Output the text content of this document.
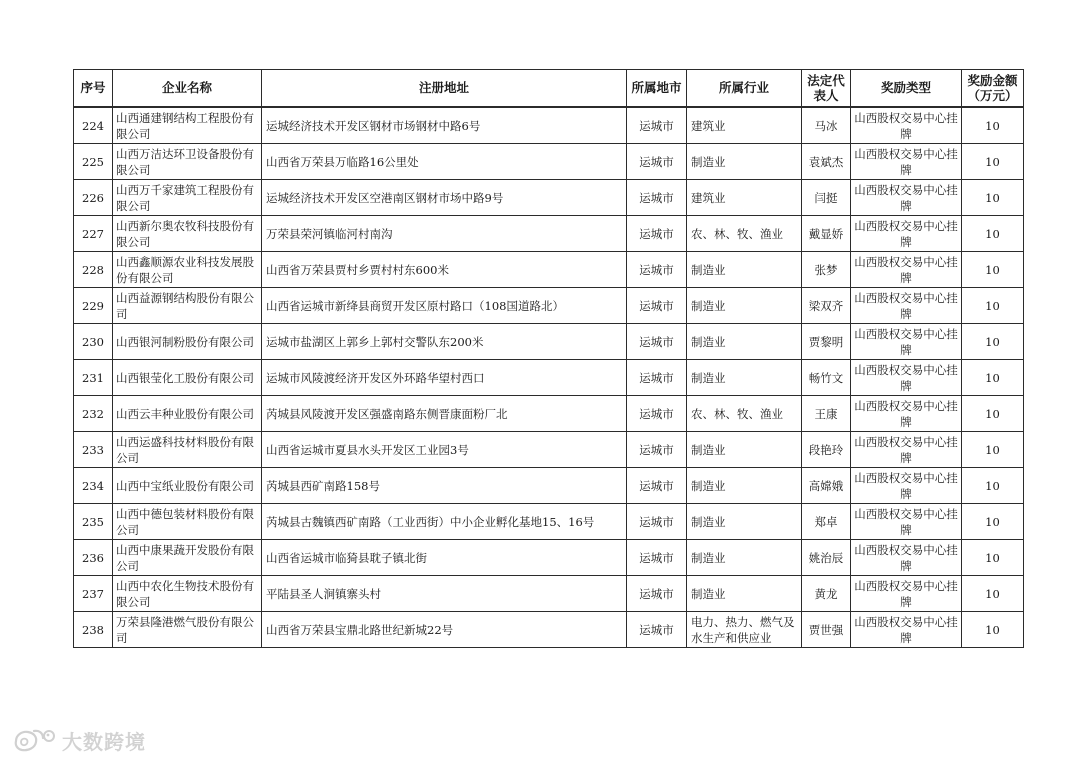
序号	企业名称	注册地址	所属地市	所属行业	法定代表人	奖励类型	奖励金额（万元）
224	山西通建钢结构工程股份有限公司	运城经济技术开发区钢材市场钢材中路6号	运城市	建筑业	马冰	山西股权交易中心挂牌	10
225	山西万洁达环卫设备股份有限公司	山西省万荣县万临路16公里处	运城市	制造业	袁斌杰	山西股权交易中心挂牌	10
226	山西万千家建筑工程股份有限公司	运城经济技术开发区空港南区钢材市场中路9号	运城市	建筑业	闫挺	山西股权交易中心挂牌	10
227	山西新尔奥农牧科技股份有限公司	万荣县荣河镇临河村南沟	运城市	农、林、牧、渔业	戴显娇	山西股权交易中心挂牌	10
228	山西鑫顺源农业科技发展股份有限公司	山西省万荣县贾村乡贾村村东600米	运城市	制造业	张梦	山西股权交易中心挂牌	10
229	山西益源钢结构股份有限公司	山西省运城市新绛县商贸开发区原村路口（108国道路北）	运城市	制造业	梁双齐	山西股权交易中心挂牌	10
230	山西银河制粉股份有限公司	运城市盐湖区上郭乡上郭村交警队东200米	运城市	制造业	贾黎明	山西股权交易中心挂牌	10
231	山西银莹化工股份有限公司	运城市风陵渡经济开发区外环路华望村西口	运城市	制造业	畅竹文	山西股权交易中心挂牌	10
232	山西云丰种业股份有限公司	芮城县风陵渡开发区强盛南路东侧晋康面粉厂北	运城市	农、林、牧、渔业	王康	山西股权交易中心挂牌	10
233	山西运盛科技材料股份有限公司	山西省运城市夏县水头开发区工业园3号	运城市	制造业	段艳玲	山西股权交易中心挂牌	10
234	山西中宝纸业股份有限公司	芮城县西矿南路158号	运城市	制造业	高嫦娥	山西股权交易中心挂牌	10
235	山西中德包装材料股份有限公司	芮城县古魏镇西矿南路（工业西街）中小企业孵化基地15、16号	运城市	制造业	郑卓	山西股权交易中心挂牌	10
236	山西中康果蔬开发股份有限公司	山西省运城市临猗县耽子镇北街	运城市	制造业	姚治辰	山西股权交易中心挂牌	10
237	山西中农化生物技术股份有限公司	平陆县圣人涧镇寨头村	运城市	制造业	黄龙	山西股权交易中心挂牌	10
238	万荣县隆港燃气股份有限公司	山西省万荣县宝鼎北路世纪新城22号	运城市	电力、热力、燃气及水生产和供应业	贾世强	山西股权交易中心挂牌	10
大数跨境
